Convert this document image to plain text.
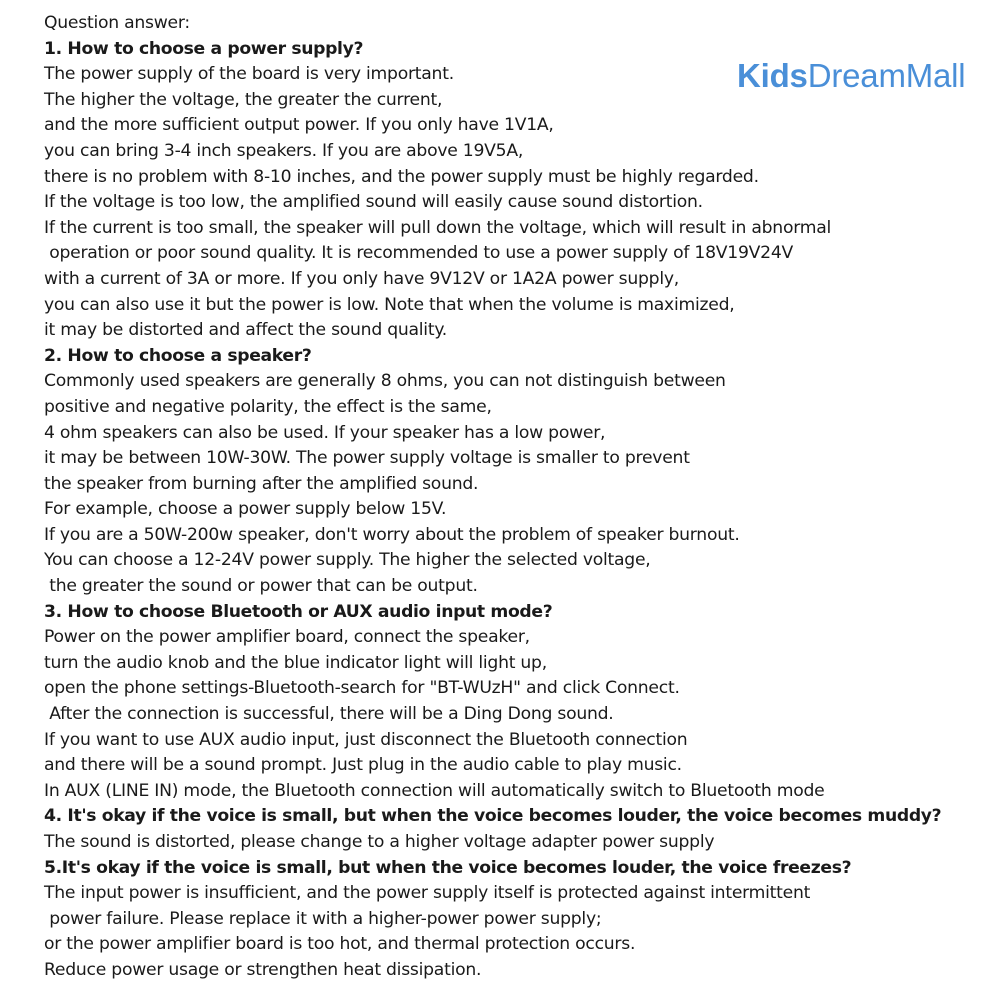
KidsDreamMall
Question answer:
1. How to choose a power supply?
The power supply of the board is very important.
The higher the voltage, the greater the current,
and the more sufficient output power. If you only have 1V1A,
you can bring 3-4 inch speakers. If you are above 19V5A,
there is no problem with 8-10 inches, and the power supply must be highly regarded.
If the voltage is too low, the amplified sound will easily cause sound distortion.
If the current is too small, the speaker will pull down the voltage, which will result in abnormal
operation or poor sound quality. It is recommended to use a power supply of 18V19V24V
with a current of 3A or more. If you only have 9V12V or 1A2A power supply,
you can also use it but the power is low. Note that when the volume is maximized,
it may be distorted and affect the sound quality.
2. How to choose a speaker?
Commonly used speakers are generally 8 ohms, you can not distinguish between
positive and negative polarity, the effect is the same,
4 ohm speakers can also be used. If your speaker has a low power,
it may be between 10W-30W. The power supply voltage is smaller to prevent
the speaker from burning after the amplified sound.
For example, choose a power supply below 15V.
If you are a 50W-200w speaker, don't worry about the problem of speaker burnout.
You can choose a 12-24V power supply. The higher the selected voltage,
the greater the sound or power that can be output.
3. How to choose Bluetooth or AUX audio input mode?
Power on the power amplifier board, connect the speaker,
turn the audio knob and the blue indicator light will light up,
open the phone settings-Bluetooth-search for "BT-WUzH" and click Connect.
After the connection is successful, there will be a Ding Dong sound.
If you want to use AUX audio input, just disconnect the Bluetooth connection
and there will be a sound prompt. Just plug in the audio cable to play music.
In AUX (LINE IN) mode, the Bluetooth connection will automatically switch to Bluetooth mode
4. It's okay if the voice is small, but when the voice becomes louder, the voice becomes muddy?
The sound is distorted, please change to a higher voltage adapter power supply
5.It's okay if the voice is small, but when the voice becomes louder, the voice freezes?
The input power is insufficient, and the power supply itself is protected against intermittent
power failure. Please replace it with a higher-power power supply;
or the power amplifier board is too hot, and thermal protection occurs.
Reduce power usage or strengthen heat dissipation.
